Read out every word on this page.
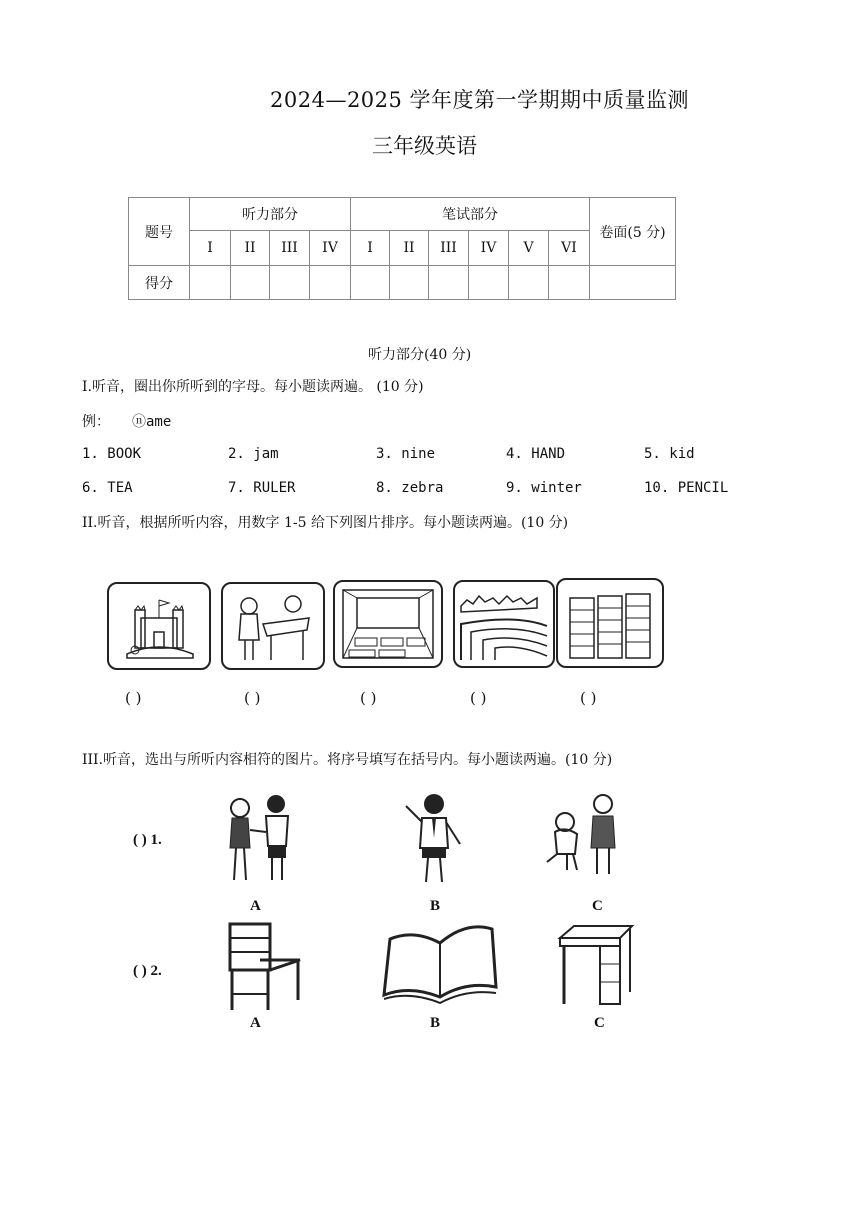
2024—2025 学年度第一学期期中质量监测
三年级英语
题号	听力部分				笔试部分						卷面(5 分)
	I	II	III	IV	I	II	III	IV	V	VI	
得分											
听力部分(40 分)
I.听音，圈出你所听到的字母。每小题读两遍。 (10 分)
例： ⓝame
1. BOOK	2. jam	3. nine	4. HAND	5. kid
6. TEA	7. RULER	8. zebra	9. winter	10. PENCIL
II.听音，根据所听内容，用数字 1-5 给下列图片排序。每小题读两遍。(10 分)
( )	( )	( )	( )	( )
III.听音，选出与所听内容相符的图片。将序号填写在括号内。每小题读两遍。(10 分)
( ) 1.
A	B	C
( ) 2.
A	B	C
